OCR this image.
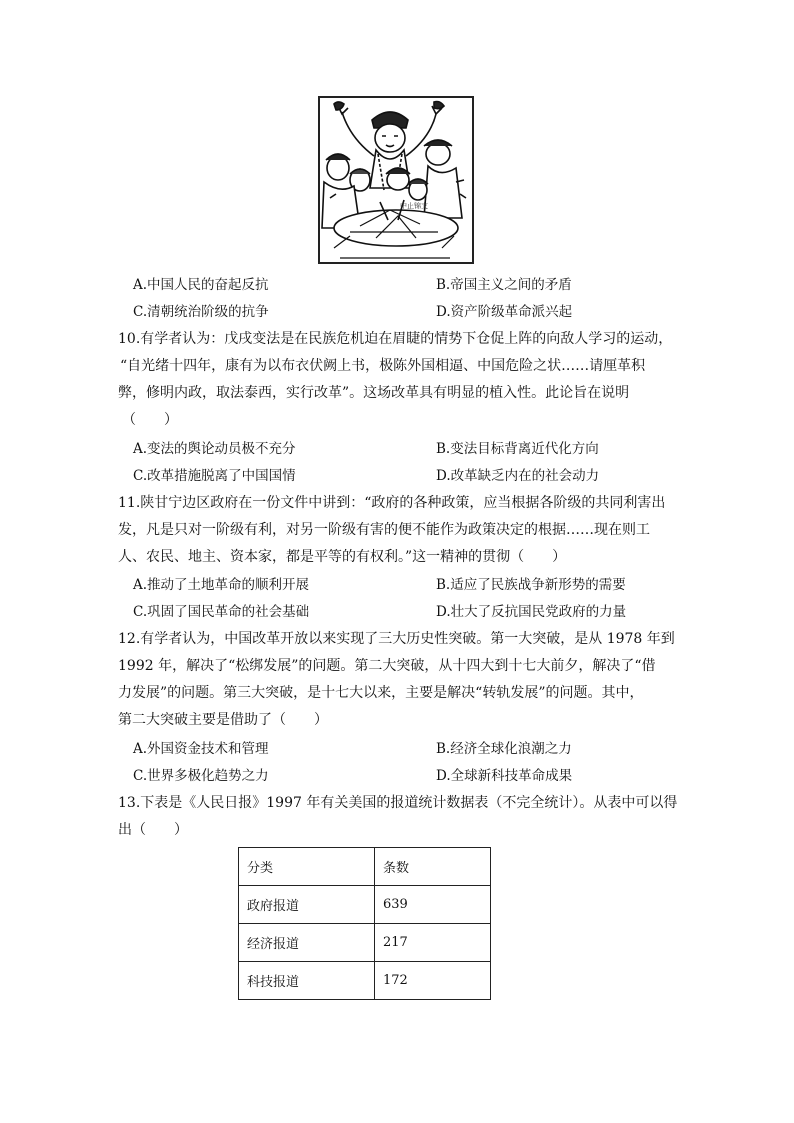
中止锦支
A.中国人民的奋起反抗	B.帝国主义之间的矛盾
C.清朝统治阶级的抗争	D.资产阶级革命派兴起

10.有学者认为：戊戌变法是在民族危机迫在眉睫的情势下仓促上阵的向敌人学习的运动，

“自光绪十四年，康有为以布衣伏阙上书，极陈外国相逼、中国危险之状……请厘革积

弊，修明内政，取法泰西，实行改革”。这场改革具有明显的植入性。此论旨在说明

（　　）

A.变法的舆论动员极不充分	B.变法目标背离近代化方向
C.改革措施脱离了中国国情	D.改革缺乏内在的社会动力

11.陕甘宁边区政府在一份文件中讲到：“政府的各种政策，应当根据各阶级的共同利害出

发，凡是只对一阶级有利，对另一阶级有害的便不能作为政策决定的根据……现在则工

人、农民、地主、资本家，都是平等的有权利。”这一精神的贯彻（　　）

A.推动了土地革命的顺利开展	B.适应了民族战争新形势的需要
C.巩固了国民革命的社会基础	D.壮大了反抗国民党政府的力量

12.有学者认为，中国改革开放以来实现了三大历史性突破。第一大突破，是从 1978 年到

1992 年，解决了“松绑发展”的问题。第二大突破，从十四大到十七大前夕，解决了“借

力发展”的问题。第三大突破，是十七大以来，主要是解决“转轨发展”的问题。其中，

第二大突破主要是借助了（　　）

A.外国资金技术和管理	B.经济全球化浪潮之力
C.世界多极化趋势之力	D.全球新科技革命成果

13.下表是《人民日报》1997 年有关美国的报道统计数据表（不完全统计）。从表中可以得

出（　　）

分类	条数
政府报道	639
经济报道	217
科技报道	172
